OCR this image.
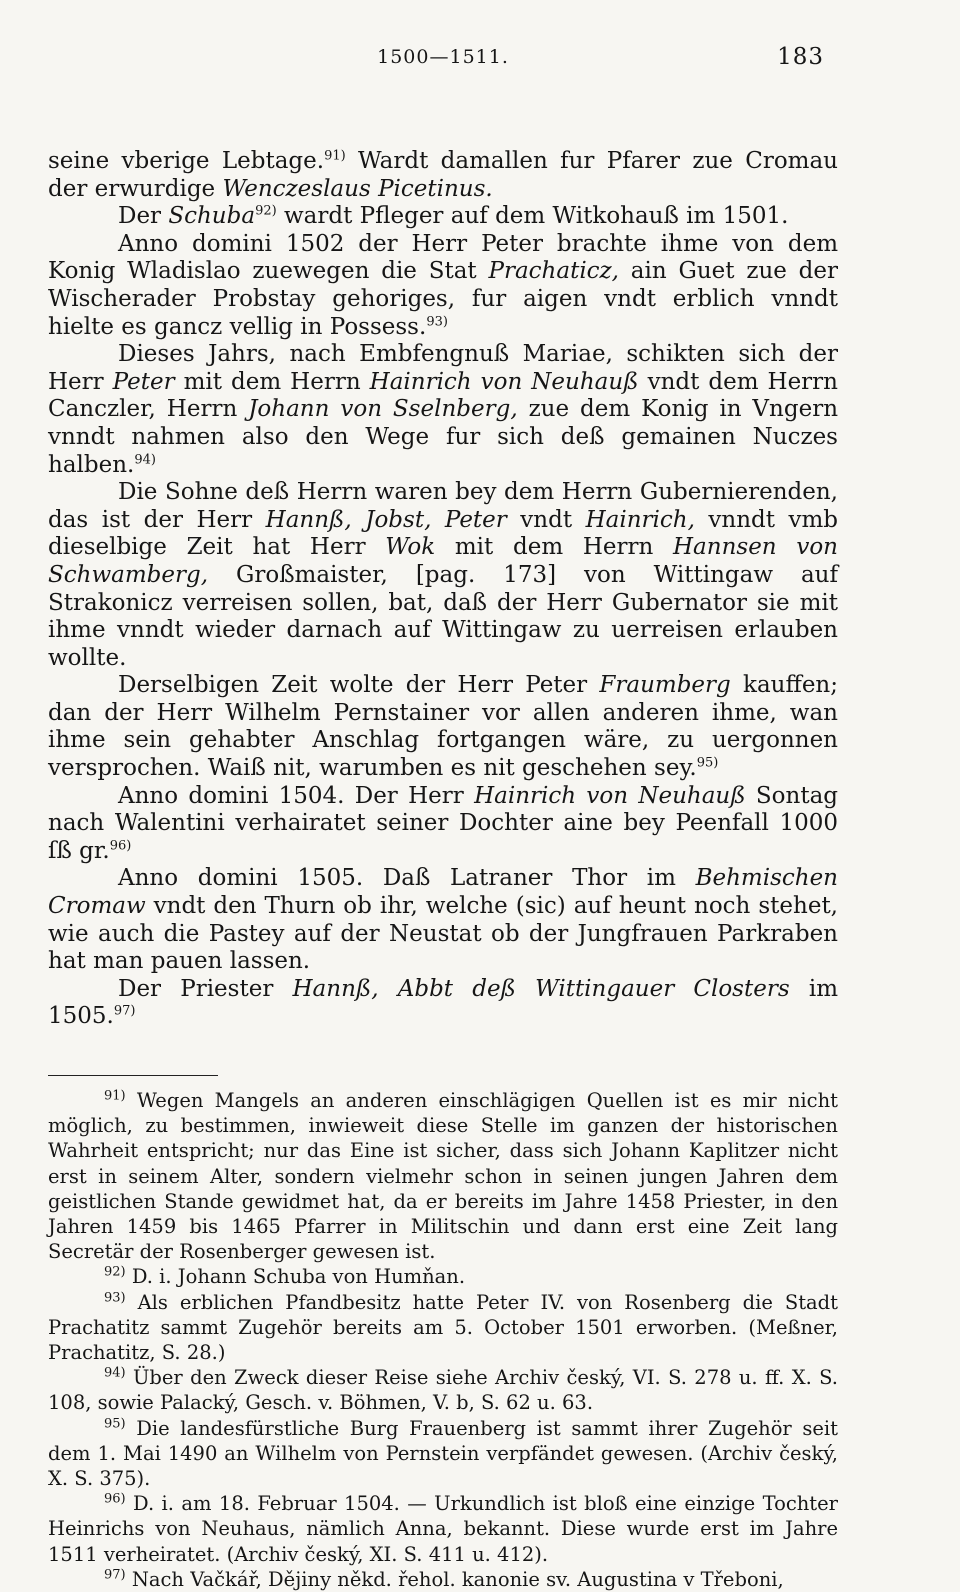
1500—1511.	183

seine vberige Lebtage.$^{91)}$ Wardt damallen fur Pfarer zue Cromau der erwurdige Wenczeslaus Picetinus.

Der Schuba$^{92)}$ wardt Pfleger auf dem Witkohauß im 1501.

Anno domini 1502 der Herr Peter brachte ihme von dem Konig Wladislao zuewegen die Stat Prachaticz, ain Guet zue der Wischerader Probstay gehoriges, fur aigen vndt erblich vnndt hielte es gancz vellig in Possess.$^{93)}$

Dieses Jahrs, nach Embfengnuß Mariae, schikten sich der Herr Peter mit dem Herrn Hainrich von Neuhauß vndt dem Herrn Canczler, Herrn Johann von Sselnberg, zue dem Konig in Vngern vnndt nahmen also den Wege fur sich deß gemainen Nuczes halben.$^{94)}$

Die Sohne deß Herrn waren bey dem Herrn Gubernierenden, das ist der Herr Hannß, Jobst, Peter vndt Hainrich, vnndt vmb dieselbige Zeit hat Herr Wok mit dem Herrn Hannsen von Schwamberg, Großmaister, [pag. 173] von Wittingaw auf Strakonicz verreisen sollen, bat, daß der Herr Gubernator sie mit ihme vnndt wieder darnach auf Wittingaw zu uerreisen erlauben wollte.

Derselbigen Zeit wolte der Herr Peter Fraumberg kauffen; dan der Herr Wilhelm Pernstainer vor allen anderen ihme, wan ihme sein gehabter Anschlag fortgangen wäre, zu uergonnen versprochen. Waiß nit, warumben es nit geschehen sey.$^{95)}$

Anno domini 1504. Der Herr Hainrich von Neuhauß Sontag nach Walentini verhairatet seiner Dochter aine bey Peenfall 1000 ſß gr.$^{96)}$

Anno domini 1505. Daß Latraner Thor im Behmischen Cromaw vndt den Thurn ob ihr, welche (sic) auf heunt noch stehet, wie auch die Pastey auf der Neustat ob der Jungfrauen Parkraben hat man pauen lassen.

Der Priester Hannß, Abbt deß Wittingauer Closters im 1505.$^{97)}$

$^{91)}$ Wegen Mangels an anderen einschlägigen Quellen ist es mir nicht möglich, zu bestimmen, inwieweit diese Stelle im ganzen der historischen Wahrheit entspricht; nur das Eine ist sicher, dass sich Johann Kaplitzer nicht erst in seinem Alter, sondern vielmehr schon in seinen jungen Jahren dem geistlichen Stande gewidmet hat, da er bereits im Jahre 1458 Priester, in den Jahren 1459 bis 1465 Pfarrer in Militschin und dann erst eine Zeit lang Secretär der Rosenberger gewesen ist.

$^{92)}$ D. i. Johann Schuba von Humňan.

$^{93)}$ Als erblichen Pfandbesitz hatte Peter IV. von Rosenberg die Stadt Prachatitz sammt Zugehör bereits am 5. October 1501 erworben. (Meßner, Prachatitz, S. 28.)

$^{94)}$ Über den Zweck dieser Reise siehe Archiv český, VI. S. 278 u. ff. X. S. 108, sowie Palacký, Gesch. v. Böhmen, V. b, S. 62 u. 63.

$^{95)}$ Die landesfürstliche Burg Frauenberg ist sammt ihrer Zugehör seit dem 1. Mai 1490 an Wilhelm von Pernstein verpfändet gewesen. (Archiv český, X. S. 375).

$^{96)}$ D. i. am 18. Februar 1504. — Urkundlich ist bloß eine einzige Tochter Heinrichs von Neuhaus, nämlich Anna, bekannt. Diese wurde erst im Jahre 1511 verheiratet. (Archiv český, XI. S. 411 u. 412).

$^{97)}$ Nach Vačkář, Dějiny někd. řehol. kanonie sv. Augustina v Třeboni,
